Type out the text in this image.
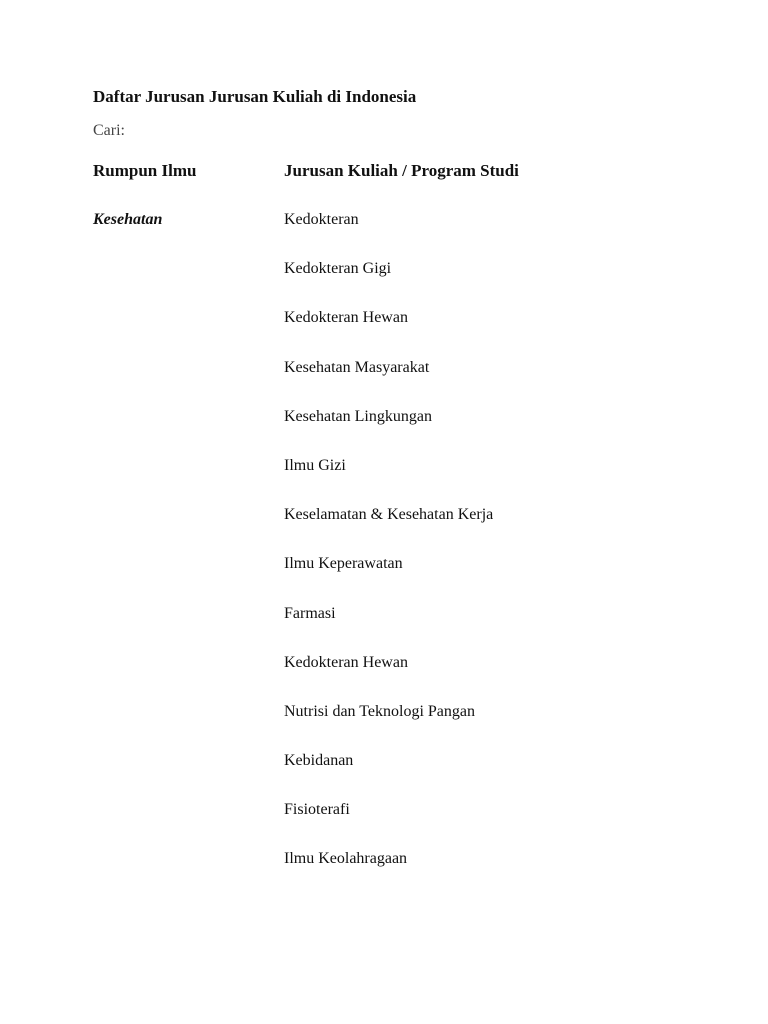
Daftar Jurusan Jurusan Kuliah di Indonesia
Cari:
Rumpun Ilmu	Jurusan Kuliah / Program Studi
Kesehatan	Kedokteran
Kedokteran Gigi
Kedokteran Hewan
Kesehatan Masyarakat
Kesehatan Lingkungan
Ilmu Gizi
Keselamatan & Kesehatan Kerja
Ilmu Keperawatan
Farmasi
Kedokteran Hewan
Nutrisi dan Teknologi Pangan
Kebidanan
Fisioterafi
Ilmu Keolahragaan
